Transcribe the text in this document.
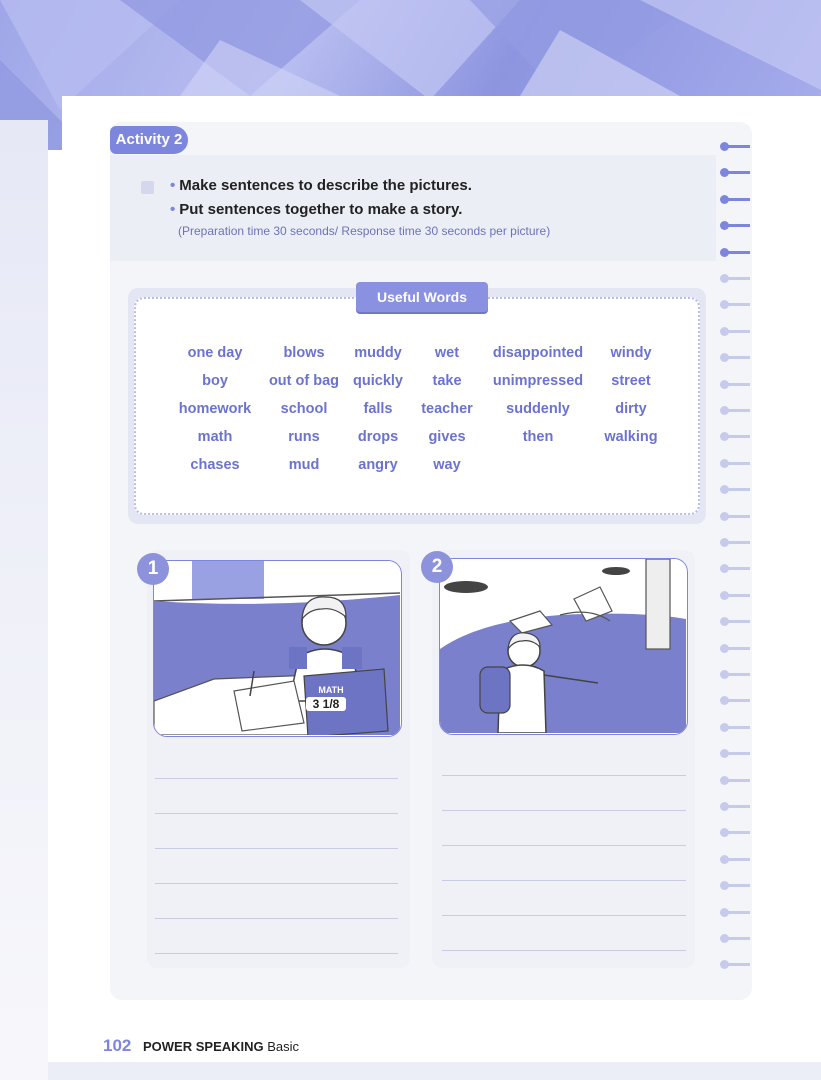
Activity 2
• Make sentences to describe the pictures.
• Put sentences together to make a story.
(Preparation time 30 seconds/ Response time 30 seconds per picture)
Useful Words
one day
boy
homework
math
chases
blows
out of bag
school
runs
mud
muddy
quickly
falls
drops
angry
wet
take
teacher
gives
way
disappointed
unimpressed
suddenly
then
windy
street
dirty
walking
MATH
3 1/8
1	2
102 POWER SPEAKING Basic
